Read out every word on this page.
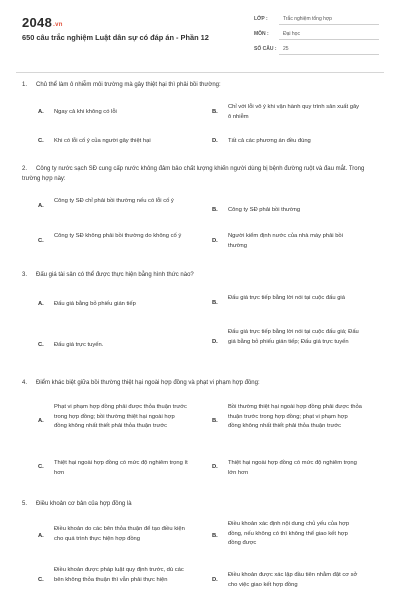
2048.vn
650 câu trắc nghiệm Luật dân sự có đáp án - Phần 12
LỚP :	Trắc nghiệm tổng hợp
MÔN :	Đại học
SỐ CÂU : 25
1. Chủ thể làm ô nhiễm môi trường mà gây thiệt hại thì phải bồi thường:
A. Ngay cả khi không có lỗi	B.
Chỉ với lỗi vô ý khi vận hành quy trình sản xuất gây ô nhiễm
C. Khi có lỗi cố ý của người gây thiệt hại	D. Tất cả các phương án đều đúng
2. Công ty nước sạch SĐ cung cấp nước không đảm bảo chất lượng khiến người dùng bị bệnh đường ruột và đau mắt. Trong trường hợp này:
A.
Công ty SĐ chỉ phải bồi thường nếu có lỗi cố ý
B. Công ty SĐ phải bồi thường
C.
Công ty SĐ không phải bồi thường do không cố ý
D.
Người kiểm định nước của nhà máy phải bồi thường
3. Đấu giá tài sản có thể được thực hiện bằng hình thức nào?
A. Đấu giá bằng bỏ phiếu gián tiếp	B.
Đấu giá trực tiếp bằng lời nói tại cuộc đấu giá
C. Đấu giá trực tuyến.	D.
Đấu giá trực tiếp bằng lời nói tại cuộc đấu giá; Đấu giá bằng bỏ phiếu gián tiếp; Đấu giá trực tuyến
4. Điểm khác biệt giữa bồi thường thiệt hại ngoài hợp đồng và phạt vi phạm hợp đồng:
A.
Phạt vi phạm hợp đồng phải được thỏa thuận trước trong hợp đồng; bồi thường thiệt hại ngoài hợp đồng không nhất thiết phải thỏa thuận trước
B.
Bồi thường thiệt hại ngoài hợp đồng phải được thỏa thuận trước trong hợp đồng; phạt vi phạm hợp đồng không nhất thiết phải thỏa thuận trước
C.
Thiệt hại ngoài hợp đồng có mức độ nghiêm trọng ít hơn
D.
Thiệt hại ngoài hợp đồng có mức độ nghiêm trọng lớn hơn
5. Điều khoản cơ bản của hợp đồng là
A.
Điều khoản do các bên thỏa thuận để tạo điều kiện cho quá trình thực hiện hợp đồng	B.
Điều khoản xác định nội dung chủ yếu của hợp đồng, nếu không có thì không thể giao kết hợp đồng được
C.
Điều khoản được pháp luật quy định trước, dù các bên không thỏa thuận thì vẫn phải thực hiện	D.
Điều khoản được xác lập đầu tiên nhằm đặt cơ sở cho việc giao kết hợp đồng
